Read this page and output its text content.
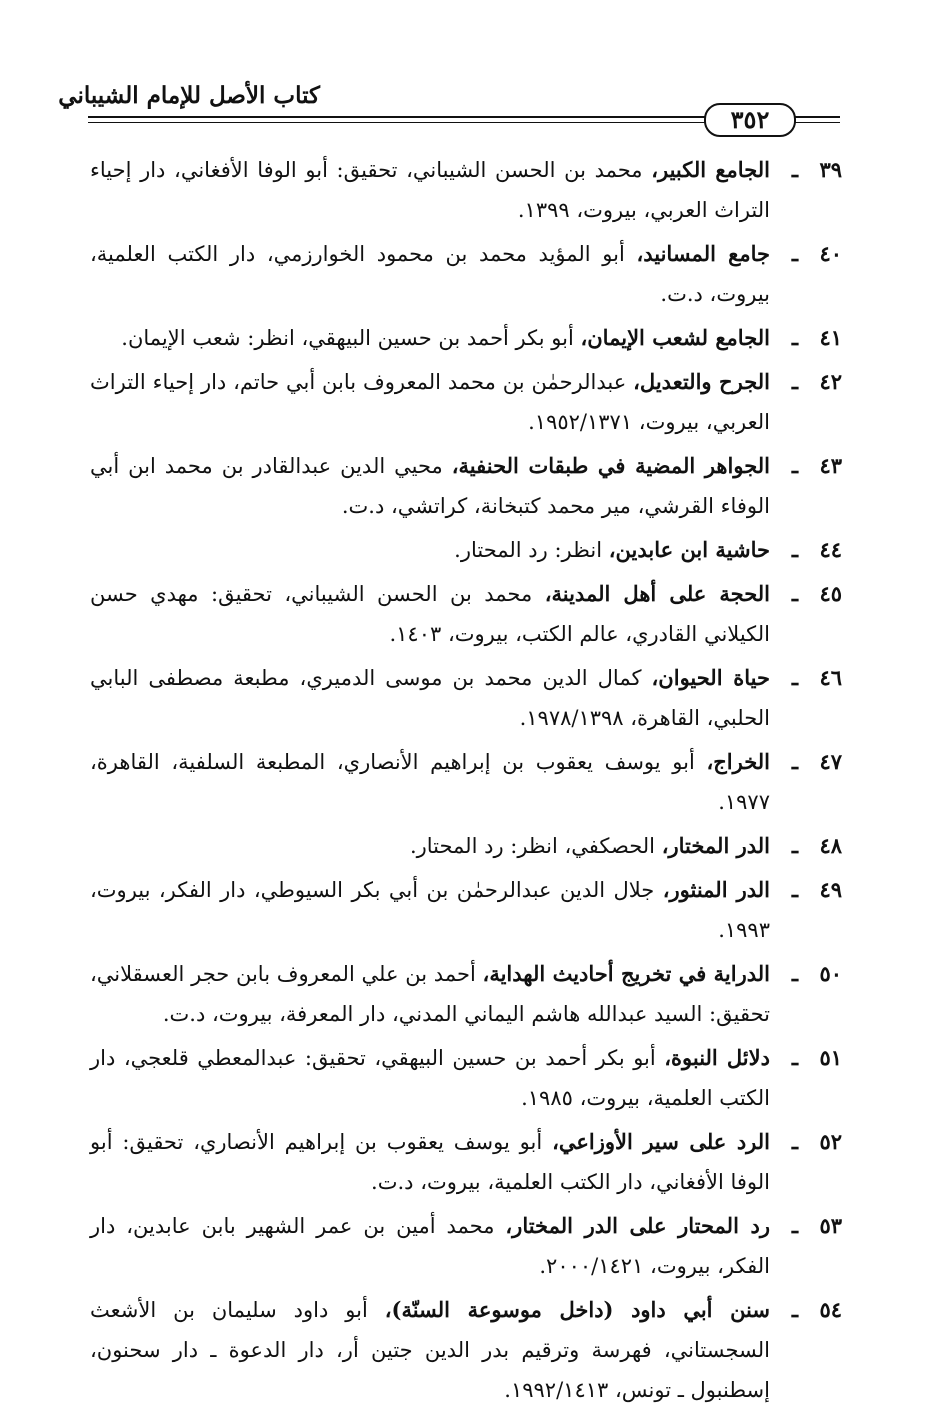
كتاب الأصل للإمام الشيباني
٣٥٢
٣٩
ـ
الجامع الكبير، محمد بن الحسن الشيباني، تحقيق: أبو الوفا الأفغاني، دار إحياء التراث العربي، بيروت، ١٣٩٩.
٤٠
ـ
جامع المسانيد، أبو المؤيد محمد بن محمود الخوارزمي، دار الكتب العلمية، بيروت، د.ت.
٤١
ـ
الجامع لشعب الإيمان، أبو بكر أحمد بن حسين البيهقي، انظر: شعب الإيمان.
٤٢
ـ
الجرح والتعديل، عبدالرحمٰن بن محمد المعروف بابن أبي حاتم، دار إحياء التراث العربي، بيروت، ١٩٥٢/١٣٧١.
٤٣
ـ
الجواهر المضية في طبقات الحنفية، محيي الدين عبدالقادر بن محمد ابن أبي الوفاء القرشي، مير محمد كتبخانة، كراتشي، د.ت.
٤٤
ـ
حاشية ابن عابدين، انظر: رد المحتار.
٤٥
ـ
الحجة على أهل المدينة، محمد بن الحسن الشيباني، تحقيق: مهدي حسن الكيلاني القادري، عالم الكتب، بيروت، ١٤٠٣.
٤٦
ـ
حياة الحيوان، كمال الدين محمد بن موسى الدميري، مطبعة مصطفى البابي الحلبي، القاهرة، ١٩٧٨/١٣٩٨.
٤٧
ـ
الخراج، أبو يوسف يعقوب بن إبراهيم الأنصاري، المطبعة السلفية، القاهرة، ١٩٧٧.
٤٨
ـ
الدر المختار، الحصكفي، انظر: رد المحتار.
٤٩
ـ
الدر المنثور، جلال الدين عبدالرحمٰن بن أبي بكر السيوطي، دار الفكر، بيروت، ١٩٩٣.
٥٠
ـ
الدراية في تخريج أحاديث الهداية، أحمد بن علي المعروف بابن حجر العسقلاني، تحقيق: السيد عبدالله هاشم اليماني المدني، دار المعرفة، بيروت، د.ت.
٥١
ـ
دلائل النبوة، أبو بكر أحمد بن حسين البيهقي، تحقيق: عبدالمعطي قلعجي، دار الكتب العلمية، بيروت، ١٩٨٥.
٥٢
ـ
الرد على سير الأوزاعي، أبو يوسف يعقوب بن إبراهيم الأنصاري، تحقيق: أبو الوفا الأفغاني، دار الكتب العلمية، بيروت، د.ت.
٥٣
ـ
رد المحتار على الدر المختار، محمد أمين بن عمر الشهير بابن عابدين، دار الفكر، بيروت، ٢٠٠٠/١٤٢١.
٥٤
ـ
سنن أبي داود (داخل موسوعة السنّة)، أبو داود سليمان بن الأشعث السجستاني، فهرسة وترقيم بدر الدين جتين أر، دار الدعوة ـ دار سحنون، إسطنبول ـ تونس، ١٩٩٢/١٤١٣.
